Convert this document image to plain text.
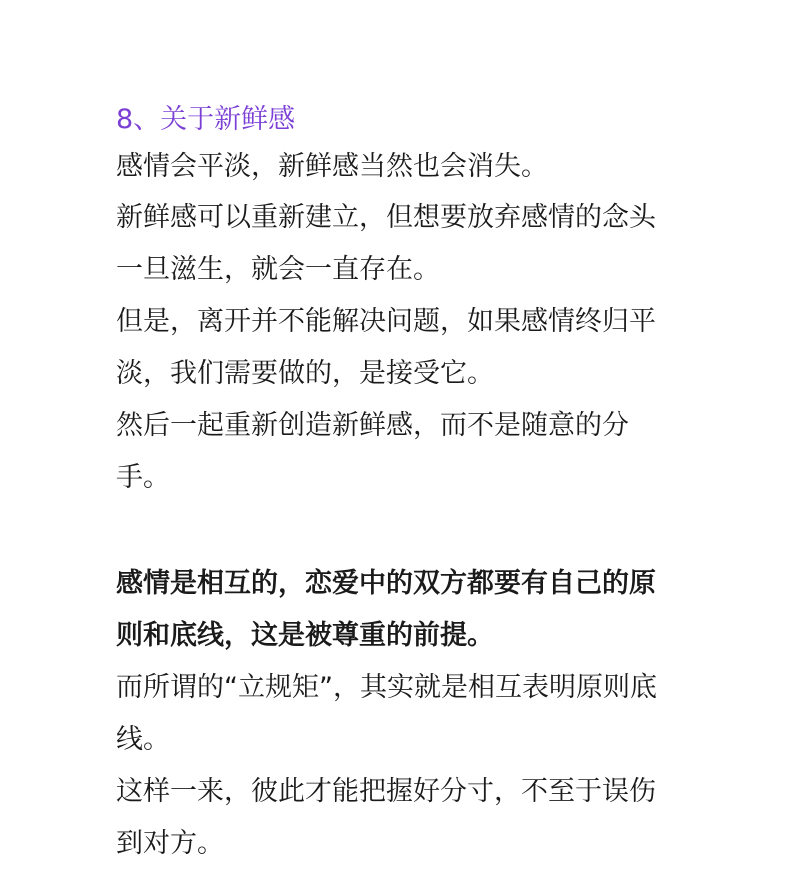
8、关于新鲜感

感情会平淡，新鲜感当然也会消失。

新鲜感可以重新建立，但想要放弃感情的念头

一旦滋生，就会一直存在。

但是，离开并不能解决问题，如果感情终归平

淡，我们需要做的，是接受它。

然后一起重新创造新鲜感，而不是随意的分

手。

感情是相互的，恋爱中的双方都要有自己的原

则和底线，这是被尊重的前提。

而所谓的“立规矩”，其实就是相互表明原则底

线。

这样一来，彼此才能把握好分寸，不至于误伤

到对方。
